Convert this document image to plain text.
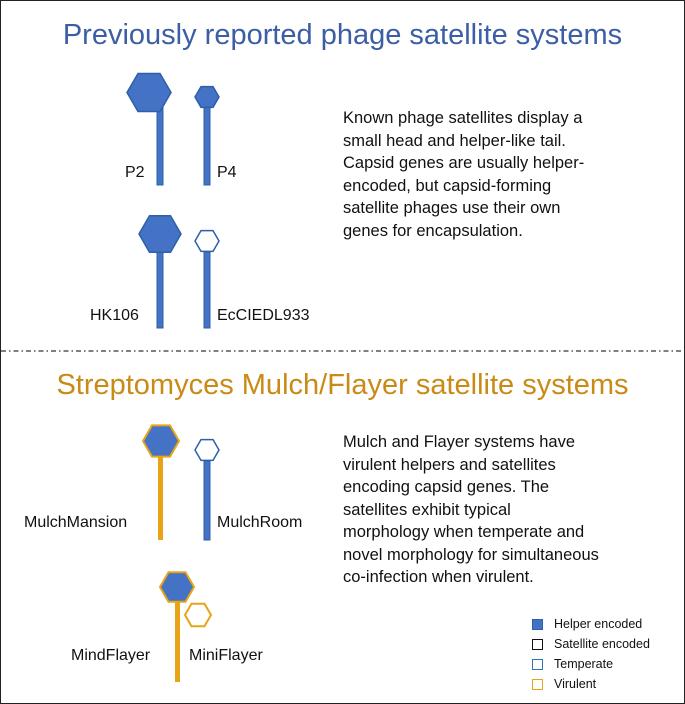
Previously reported phage satellite systems
Streptomyces Mulch/Flayer satellite systems
P2	P4
HK106	EcCIEDL933
MulchMansion	MulchRoom
MindFlayer MiniFlayer
Known phage satellites display a
small head and helper-like tail.
Capsid genes are usually helper-
encoded, but capsid-forming
satellite phages use their own
genes for encapsulation.
Mulch and Flayer systems have
virulent helpers and satellites
encoding capsid genes. The
satellites exhibit typical
morphology when temperate and
novel morphology for simultaneous
co-infection when virulent.
Helper encoded
Satellite encoded
Temperate
Virulent
